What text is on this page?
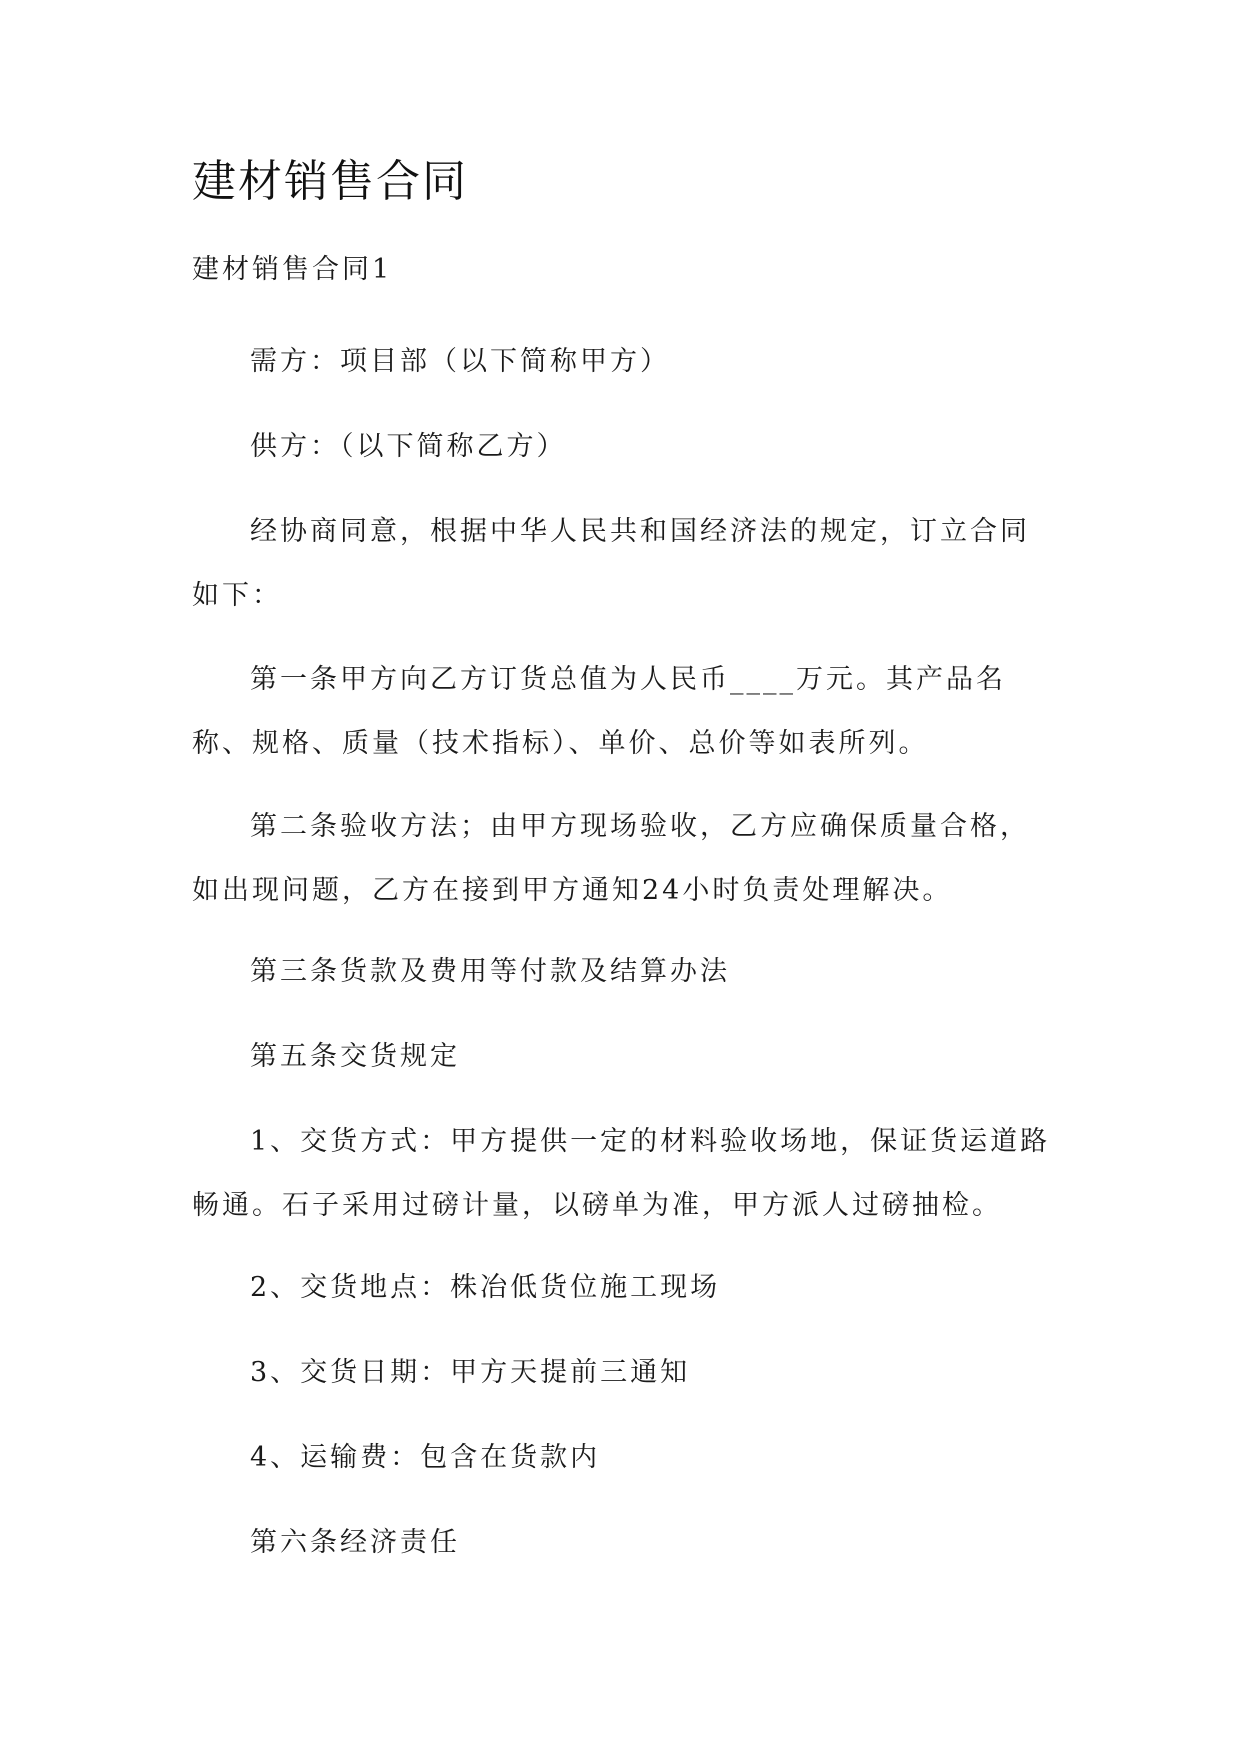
建材销售合同
建材销售合同1

需方：项目部（以下简称甲方）

供方：（以下简称乙方）

经协商同意，根据中华人民共和国经济法的规定，订立合同如下：

第一条甲方向乙方订货总值为人民币____万元。其产品名称、规格、质量（技术指标）、单价、总价等如表所列。

第二条验收方法；由甲方现场验收，乙方应确保质量合格，如出现问题，乙方在接到甲方通知24小时负责处理解决。

第三条货款及费用等付款及结算办法

第五条交货规定

1、交货方式：甲方提供一定的材料验收场地，保证货运道路畅通。石子采用过磅计量，以磅单为准，甲方派人过磅抽检。

2、交货地点：株冶低货位施工现场

3、交货日期：甲方天提前三通知

4、运输费：包含在货款内

第六条经济责任
